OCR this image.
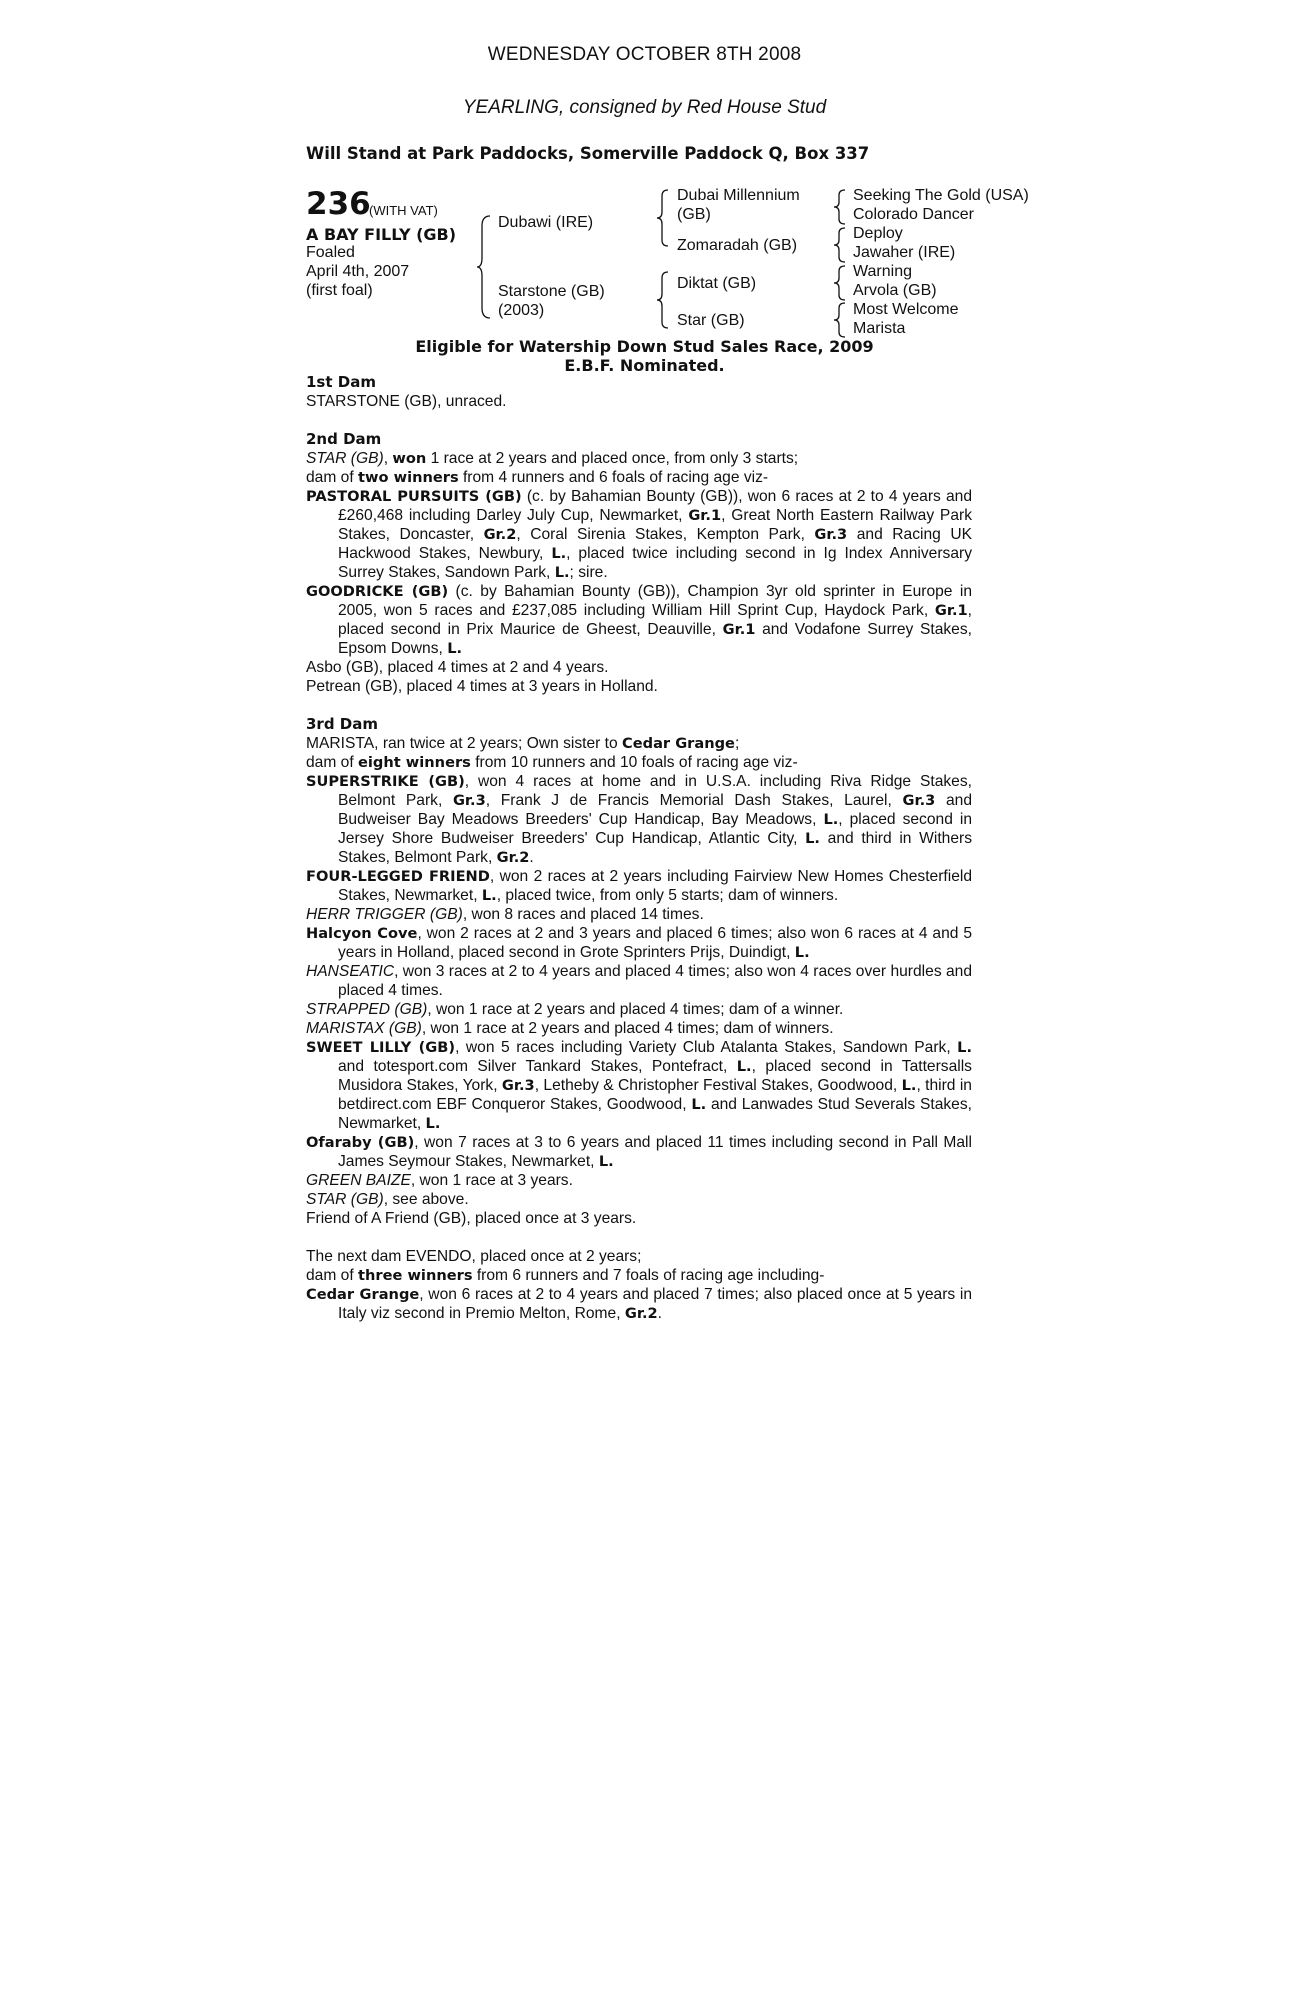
WEDNESDAY OCTOBER 8TH 2008
YEARLING, consigned by Red House Stud
Will Stand at Park Paddocks, Somerville Paddock Q, Box 337
236
(WITH VAT)
A BAY FILLY (GB)
Foaled
April 4th, 2007
(first foal)
Dubawi (IRE)
Starstone (GB)
(2003)
Dubai Millennium
(GB)
Zomaradah (GB)
Diktat (GB)
Star (GB)
Seeking The Gold (USA)
Colorado Dancer
Deploy
Jawaher (IRE)
Warning
Arvola (GB)
Most Welcome
Marista
Eligible for Watership Down Stud Sales Race, 2009
E.B.F. Nominated.

1st Dam

STARSTONE (GB), unraced.

2nd Dam

STAR (GB), won 1 race at 2 years and placed once, from only 3 starts;

dam of two winners from 4 runners and 6 foals of racing age viz-

PASTORAL PURSUITS (GB) (c. by Bahamian Bounty (GB)), won 6 races at 2 to 4 years and £260,468 including Darley July Cup, Newmarket, Gr.1, Great North Eastern Railway Park Stakes, Doncaster, Gr.2, Coral Sirenia Stakes, Kempton Park, Gr.3 and Racing UK Hackwood Stakes, Newbury, L., placed twice including second in Ig Index Anniversary Surrey Stakes, Sandown Park, L.; sire.

GOODRICKE (GB) (c. by Bahamian Bounty (GB)), Champion 3yr old sprinter in Europe in 2005, won 5 races and £237,085 including William Hill Sprint Cup, Haydock Park, Gr.1, placed second in Prix Maurice de Gheest, Deauville, Gr.1 and Vodafone Surrey Stakes, Epsom Downs, L.

Asbo (GB), placed 4 times at 2 and 4 years.

Petrean (GB), placed 4 times at 3 years in Holland.

3rd Dam

MARISTA, ran twice at 2 years; Own sister to Cedar Grange;

dam of eight winners from 10 runners and 10 foals of racing age viz-

SUPERSTRIKE (GB), won 4 races at home and in U.S.A. including Riva Ridge Stakes, Belmont Park, Gr.3, Frank J de Francis Memorial Dash Stakes, Laurel, Gr.3 and Budweiser Bay Meadows Breeders' Cup Handicap, Bay Meadows, L., placed second in Jersey Shore Budweiser Breeders' Cup Handicap, Atlantic City, L. and third in Withers Stakes, Belmont Park, Gr.2.

FOUR-LEGGED FRIEND, won 2 races at 2 years including Fairview New Homes Chesterfield Stakes, Newmarket, L., placed twice, from only 5 starts; dam of winners.

HERR TRIGGER (GB), won 8 races and placed 14 times.

Halcyon Cove, won 2 races at 2 and 3 years and placed 6 times; also won 6 races at 4 and 5 years in Holland, placed second in Grote Sprinters Prijs, Duindigt, L.

HANSEATIC, won 3 races at 2 to 4 years and placed 4 times; also won 4 races over hurdles and placed 4 times.

STRAPPED (GB), won 1 race at 2 years and placed 4 times; dam of a winner.

MARISTAX (GB), won 1 race at 2 years and placed 4 times; dam of winners.

SWEET LILLY (GB), won 5 races including Variety Club Atalanta Stakes, Sandown Park, L. and totesport.com Silver Tankard Stakes, Pontefract, L., placed second in Tattersalls Musidora Stakes, York, Gr.3, Letheby & Christopher Festival Stakes, Goodwood, L., third in betdirect.com EBF Conqueror Stakes, Goodwood, L. and Lanwades Stud Severals Stakes, Newmarket, L.

Ofaraby (GB), won 7 races at 3 to 6 years and placed 11 times including second in Pall Mall James Seymour Stakes, Newmarket, L.

GREEN BAIZE, won 1 race at 3 years.

STAR (GB), see above.

Friend of A Friend (GB), placed once at 3 years.

The next dam EVENDO, placed once at 2 years;

dam of three winners from 6 runners and 7 foals of racing age including-

Cedar Grange, won 6 races at 2 to 4 years and placed 7 times; also placed once at 5 years in Italy viz second in Premio Melton, Rome, Gr.2.
